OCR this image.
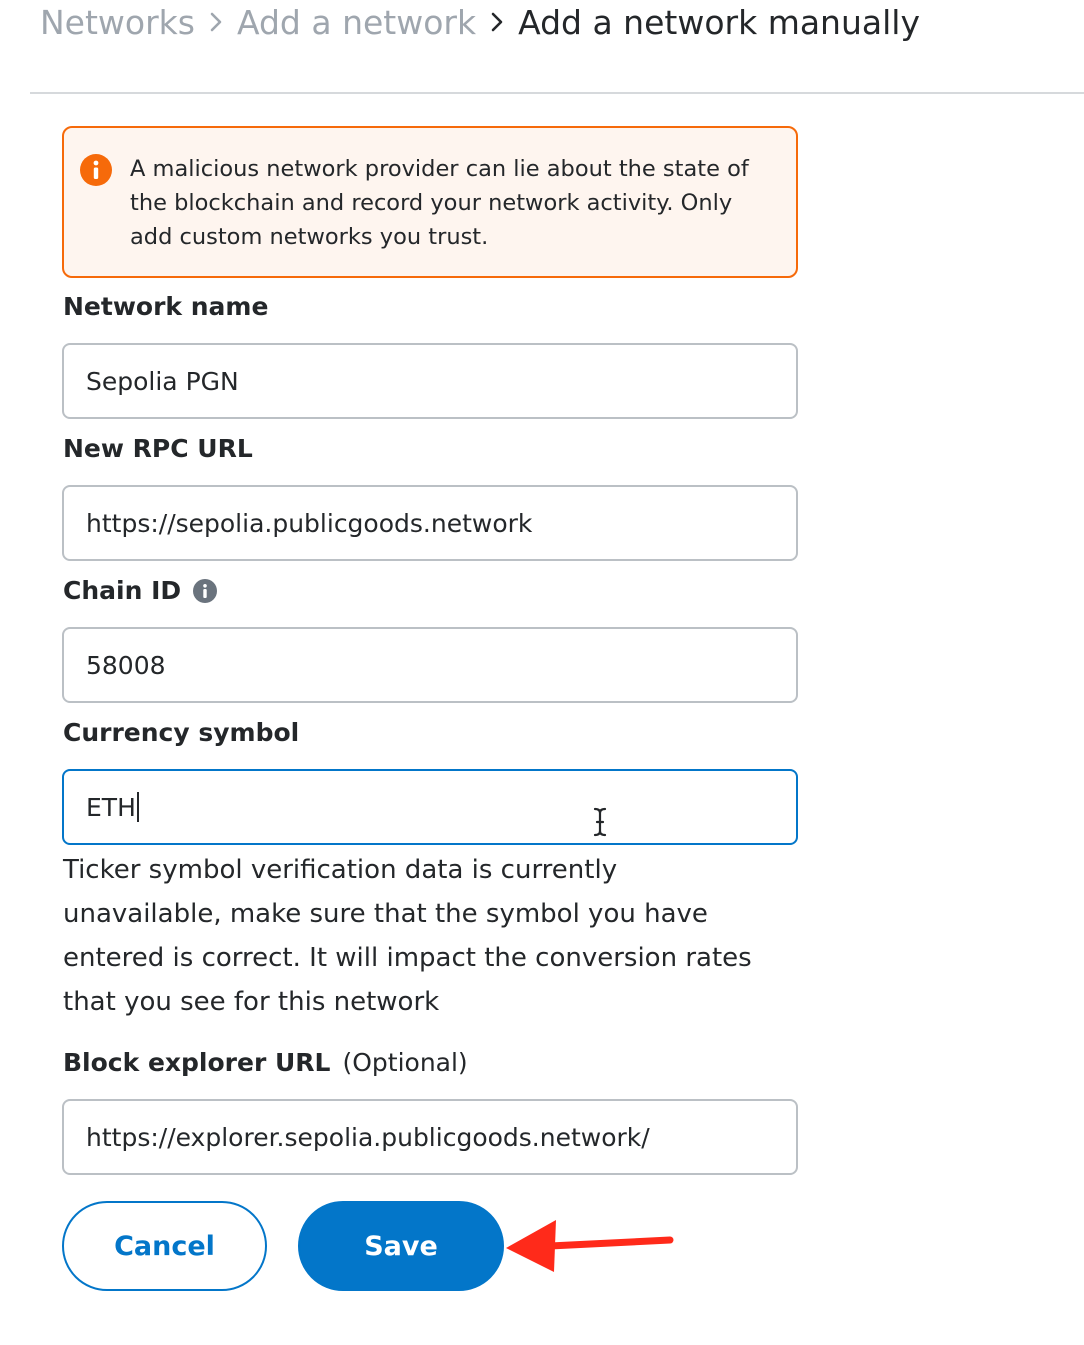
Networks Add a network Add a network manually
A malicious network provider can lie about the state of the blockchain and record your network activity. Only add custom networks you trust.
Network name
Sepolia PGN
New RPC URL
https://sepolia.publicgoods.network
Chain ID
58008
Currency symbol
ETH
Ticker symbol verification data is currently unavailable, make sure that the symbol you have entered is correct. It will impact the conversion rates that you see for this network
Block explorer URL (Optional)
https://explorer.sepolia.publicgoods.network/
Cancel	Save
